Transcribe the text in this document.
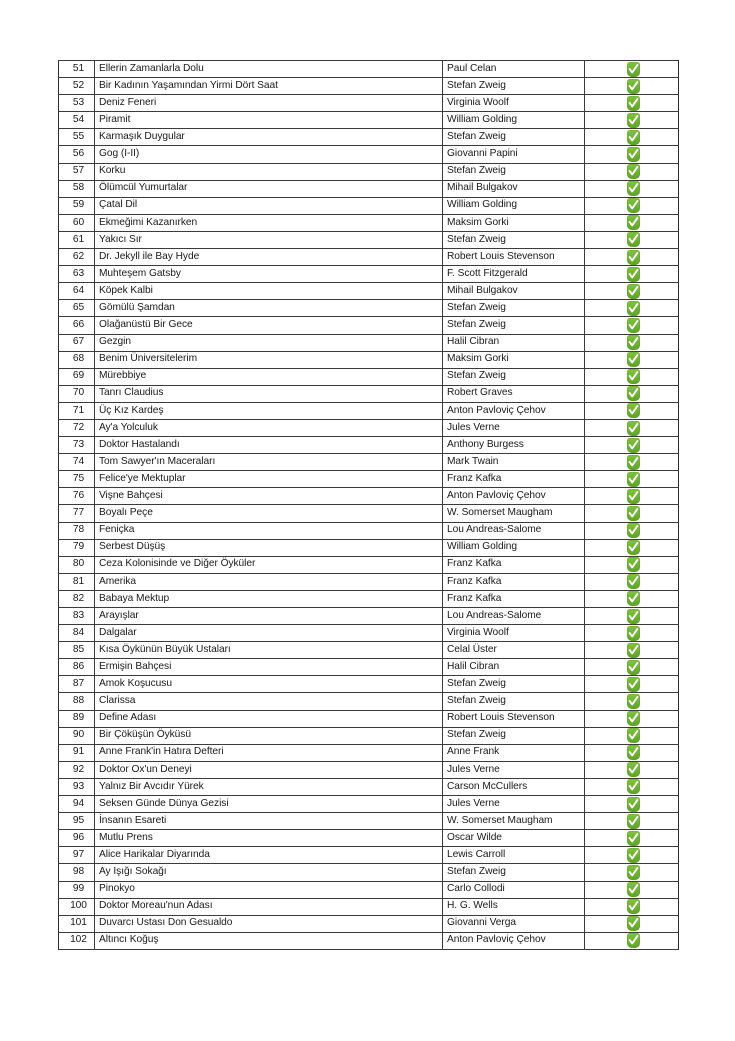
51	Ellerin Zamanlarla Dolu	Paul Celan	

52	Bir Kadının Yaşamından Yirmi Dört Saat	Stefan Zweig	

53	Deniz Feneri	Virginia Woolf	

54	Piramit	William Golding	

55	Karmaşık Duygular	Stefan Zweig	

56	Gog (I-II)	Giovanni Papini	

57	Korku	Stefan Zweig	

58	Ölümcül Yumurtalar	Mihail Bulgakov	

59	Çatal Dil	William Golding	

60	Ekmeğimi Kazanırken	Maksim Gorki	

61	Yakıcı Sır	Stefan Zweig	

62	Dr. Jekyll ile Bay Hyde	Robert Louis Stevenson	

63	Muhteşem Gatsby	F. Scott Fitzgerald	

64	Köpek Kalbi	Mihail Bulgakov	

65	Gömülü Şamdan	Stefan Zweig	

66	Olağanüstü Bir Gece	Stefan Zweig	

67	Gezgin	Halil Cibran	

68	Benim Üniversitelerim	Maksim Gorki	

69	Mürebbiye	Stefan Zweig	

70	Tanrı Claudius	Robert Graves	

71	Üç Kız Kardeş	Anton Pavloviç Çehov	

72	Ay'a Yolculuk	Jules Verne	

73	Doktor Hastalandı	Anthony Burgess	

74	Tom Sawyer'ın Maceraları	Mark Twain	

75	Felice'ye Mektuplar	Franz Kafka	

76	Vişne Bahçesi	Anton Pavloviç Çehov	

77	Boyalı Peçe	W. Somerset Maugham	

78	Feniçka	Lou Andreas-Salome	

79	Serbest Düşüş	William Golding	

80	Ceza Kolonisinde ve Diğer Öyküler	Franz Kafka	

81	Amerika	Franz Kafka	

82	Babaya Mektup	Franz Kafka	

83	Arayışlar	Lou Andreas-Salome	

84	Dalgalar	Virginia Woolf	

85	Kısa Öykünün Büyük Ustaları	Celal Üster	

86	Ermişin Bahçesi	Halil Cibran	

87	Amok Koşucusu	Stefan Zweig	

88	Clarissa	Stefan Zweig	

89	Define Adası	Robert Louis Stevenson	

90	Bir Çöküşün Öyküsü	Stefan Zweig	

91	Anne Frank'in Hatıra Defteri	Anne Frank	

92	Doktor Ox'un Deneyi	Jules Verne	

93	Yalnız Bir Avcıdır Yürek	Carson McCullers	

94	Seksen Günde Dünya Gezisi	Jules Verne	

95	İnsanın Esareti	W. Somerset Maugham	

96	Mutlu Prens	Oscar Wilde	

97	Alice Harikalar Diyarında	Lewis Carroll	

98	Ay Işığı Sokağı	Stefan Zweig	

99	Pinokyo	Carlo Collodi	

100	Doktor Moreau'nun Adası	H. G. Wells	

101	Duvarcı Ustası Don Gesualdo	Giovanni Verga	

102	Altıncı Koğuş	Anton Pavloviç Çehov	
